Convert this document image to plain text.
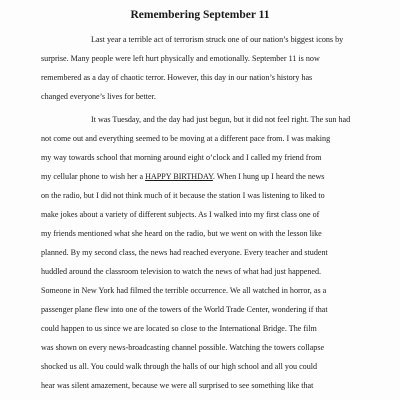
Remembering September 11

Last year a terrible act of terrorism struck one of our nation’s biggest icons by

surprise. Many people were left hurt physically and emotionally. September 11 is now

remembered as a day of chaotic terror. However, this day in our nation’s history has

changed everyone’s lives for better.

It was Tuesday, and the day had just begun, but it did not feel right. The sun had

not come out and everything seemed to be moving at a different pace from. I was making

my way towards school that morning around eight o’clock and I called my friend from

my cellular phone to wish her a HAPPY BIRTHDAY. When I hung up I heard the news

on the radio, but I did not think much of it because the station I was listening to liked to

make jokes about a variety of different subjects. As I walked into my first class one of

my friends mentioned what she heard on the radio, but we went on with the lesson like

planned. By my second class, the news had reached everyone. Every teacher and student

huddled around the classroom television to watch the news of what had just happened.

Someone in New York had filmed the terrible occurrence. We all watched in horror, as a

passenger plane flew into one of the towers of the World Trade Center, wondering if that

could happen to us since we are located so close to the International Bridge. The film

was shown on every news-broadcasting channel possible. Watching the towers collapse

shocked us all. You could walk through the halls of our high school and all you could

hear was silent amazement, because we were all surprised to see something like that
